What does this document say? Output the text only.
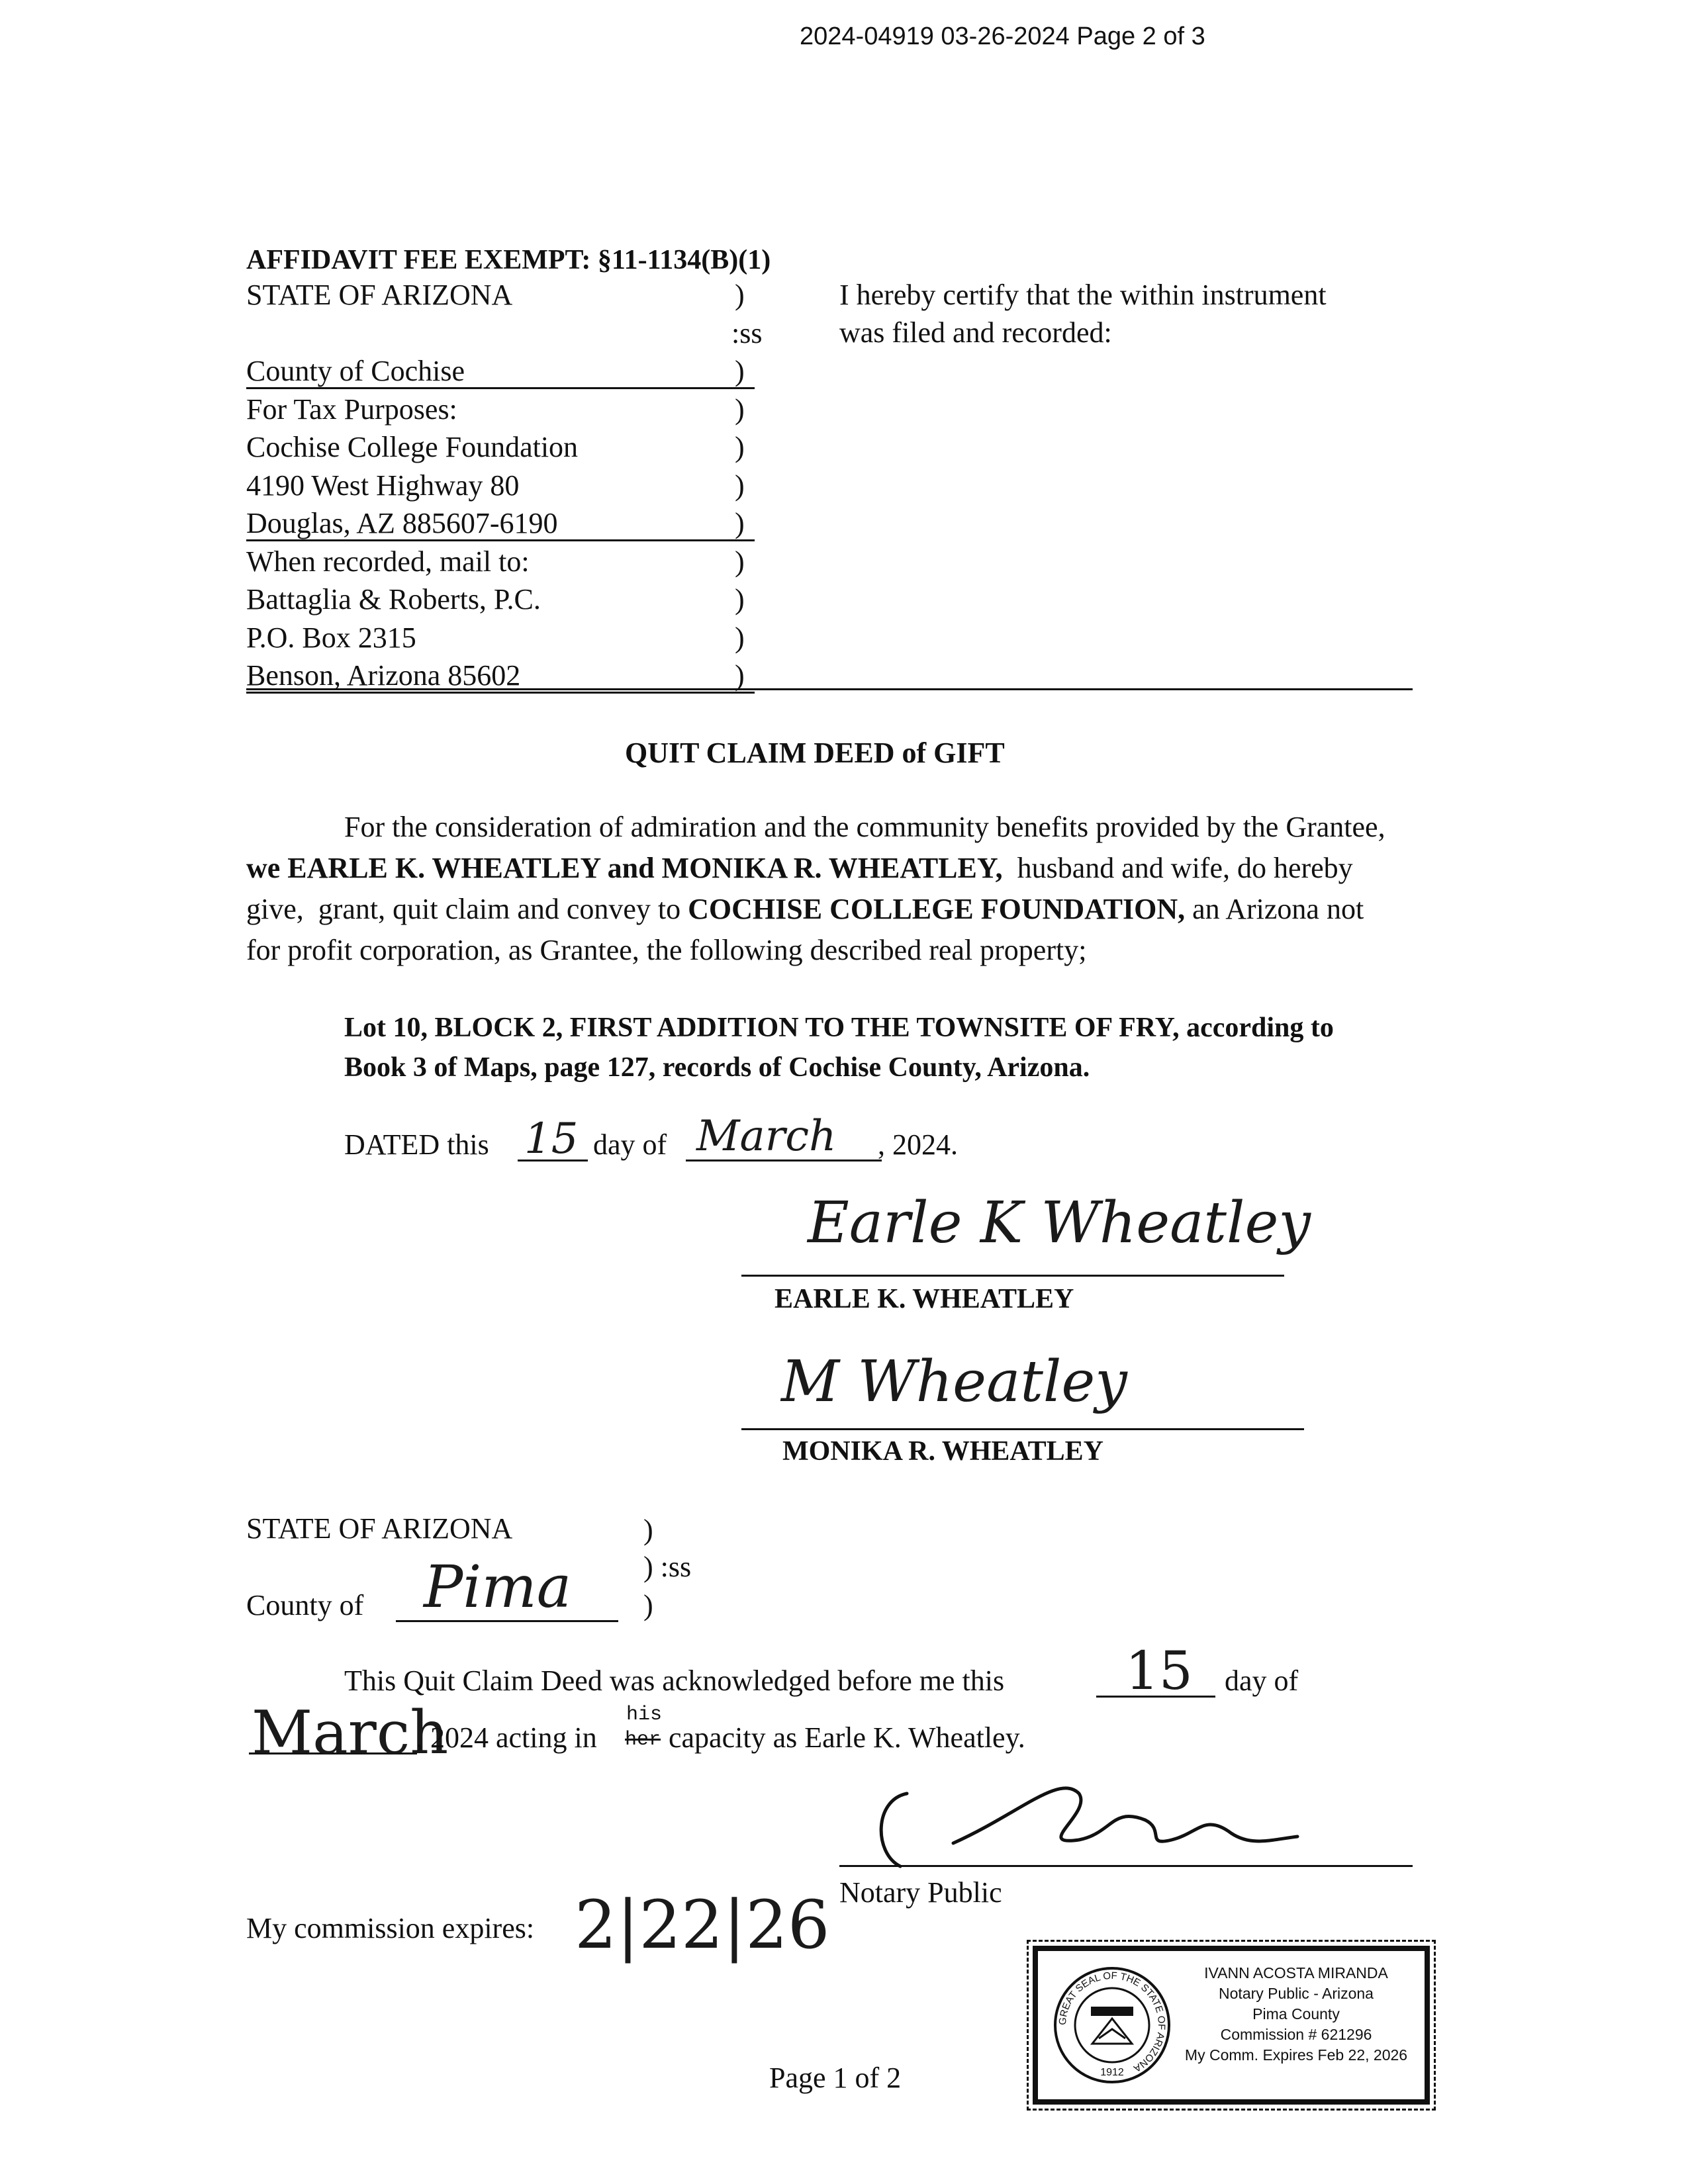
2024-04919 03-26-2024 Page 2 of 3
AFFIDAVIT FEE EXEMPT: §11-1134(B)(1)
STATE OF ARIZONA	)
:ss
County of Cochise	)
For Tax Purposes:	)
Cochise College Foundation	)
4190 West Highway 80	)
Douglas, AZ 885607-6190	)
When recorded, mail to:	)
Battaglia & Roberts, P.C.	)
P.O. Box 2315	)
Benson, Arizona 85602	)
I hereby certify that the within instrument
was filed and recorded:
QUIT CLAIM DEED of GIFT
For the consideration of admiration and the community benefits provided by the Grantee,
we EARLE K. WHEATLEY and MONIKA R. WHEATLEY,  husband and wife, do hereby
give,  grant, quit claim and convey to COCHISE COLLEGE FOUNDATION, an Arizona not
for profit corporation, as Grantee, the following described real property;
Lot 10, BLOCK 2, FIRST ADDITION TO THE TOWNSITE OF FRY, according to
Book 3 of Maps, page 127, records of Cochise County, Arizona.
DATED this 15 day of March , 2024.
Earle K Wheatley
EARLE K. WHEATLEY
M Wheatley
MONIKA R. WHEATLEY
STATE OF ARIZONA	)
) :ss
County of Pima )
This Quit Claim Deed was acknowledged before me this 15 day of
March
, 2024 acting in
his
her capacity as Earle K. Wheatley.
Notary Public
My commission expires: 2|22|26
GREAT SEAL OF THE STATE OF ARIZONA
1912
IVANN ACOSTA MIRANDA
Notary Public - Arizona
Pima County
Commission # 621296
My Comm. Expires Feb 22, 2026
Page 1 of 2
